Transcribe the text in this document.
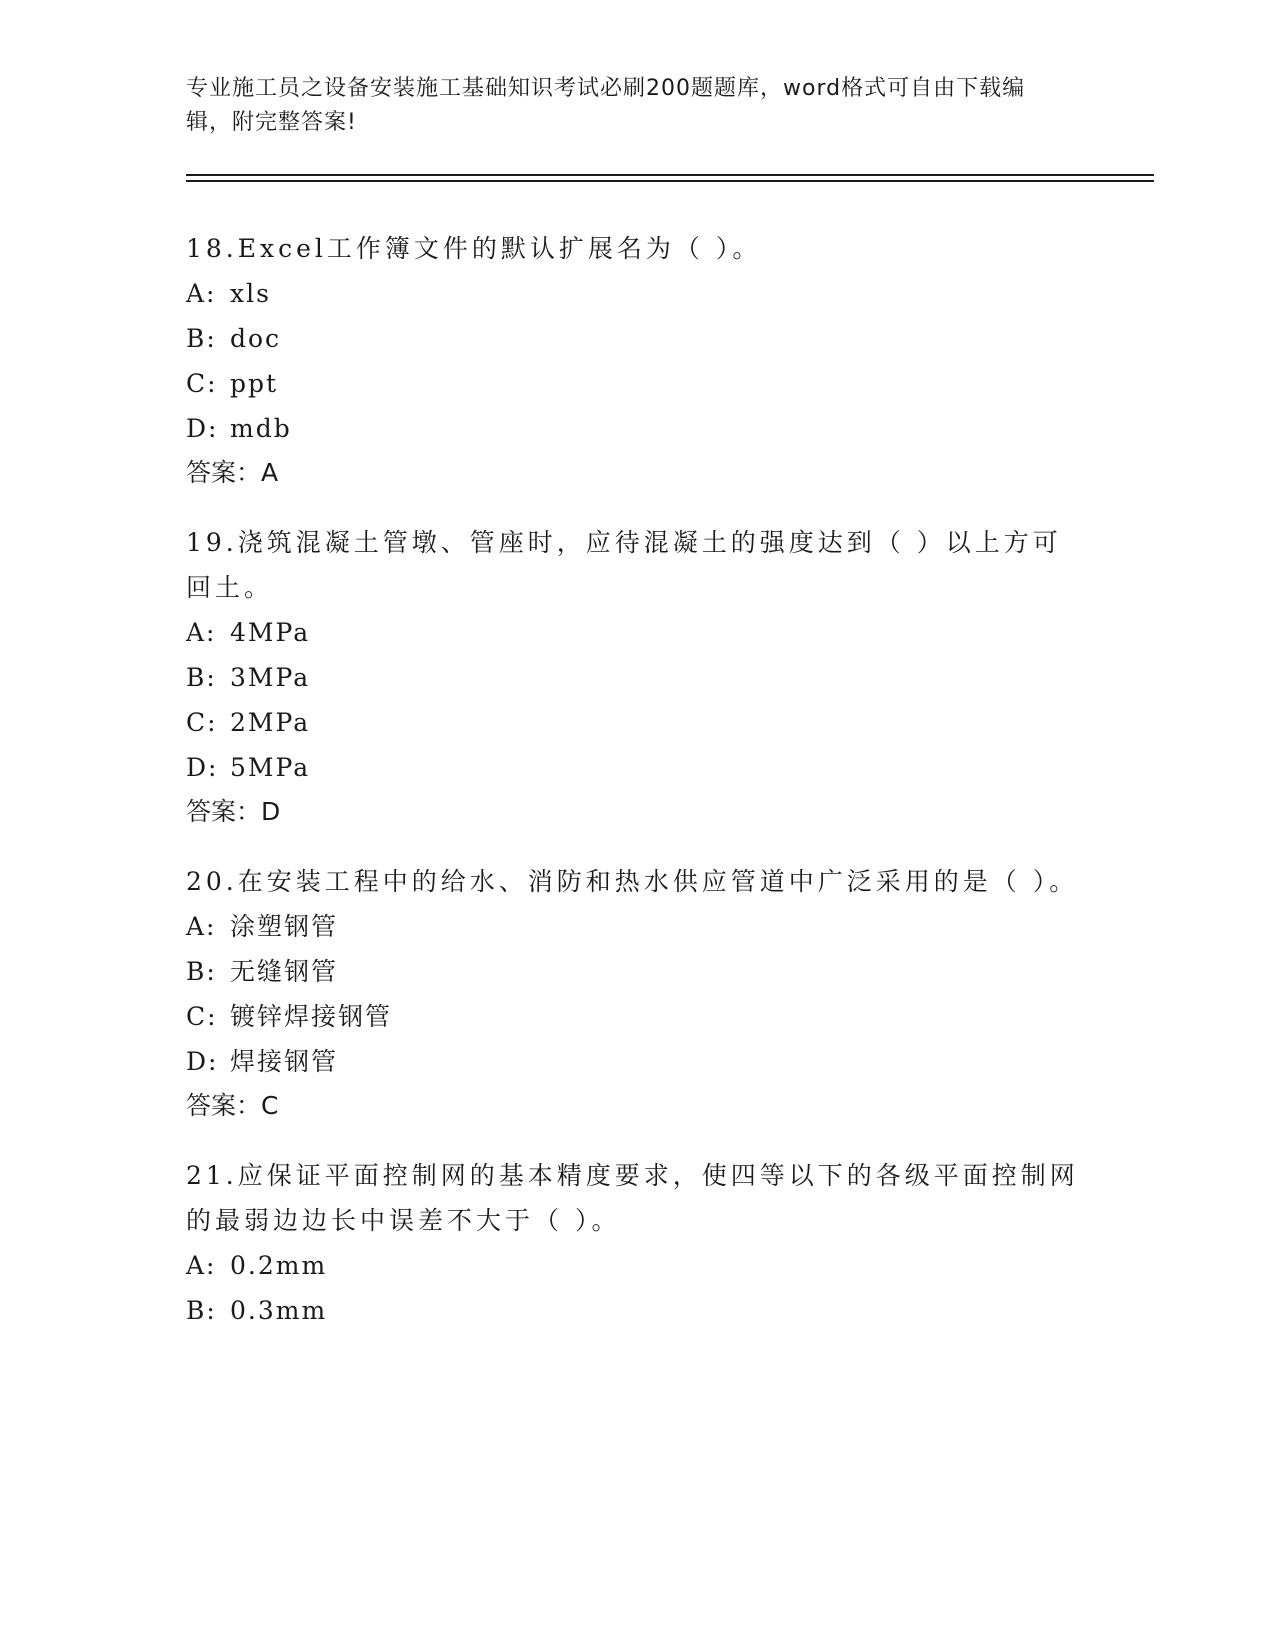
专业施工员之设备安装施工基础知识考试必刷200题题库，word格式可自由下载编辑，附完整答案!
18.Excel工作簿文件的默认扩展名为（ ）。
A: xls
B: doc
C: ppt
D: mdb
答案：A
19.浇筑混凝土管墩、管座时，应待混凝土的强度达到（ ）以上方可回土。
A: 4MPa
B: 3MPa
C: 2MPa
D: 5MPa
答案：D
20.在安装工程中的给水、消防和热水供应管道中广泛采用的是（ ）。
A: 涂塑钢管
B: 无缝钢管
C: 镀锌焊接钢管
D: 焊接钢管
答案：C
21.应保证平面控制网的基本精度要求，使四等以下的各级平面控制网的最弱边边长中误差不大于（ ）。
A: 0.2mm
B: 0.3mm
